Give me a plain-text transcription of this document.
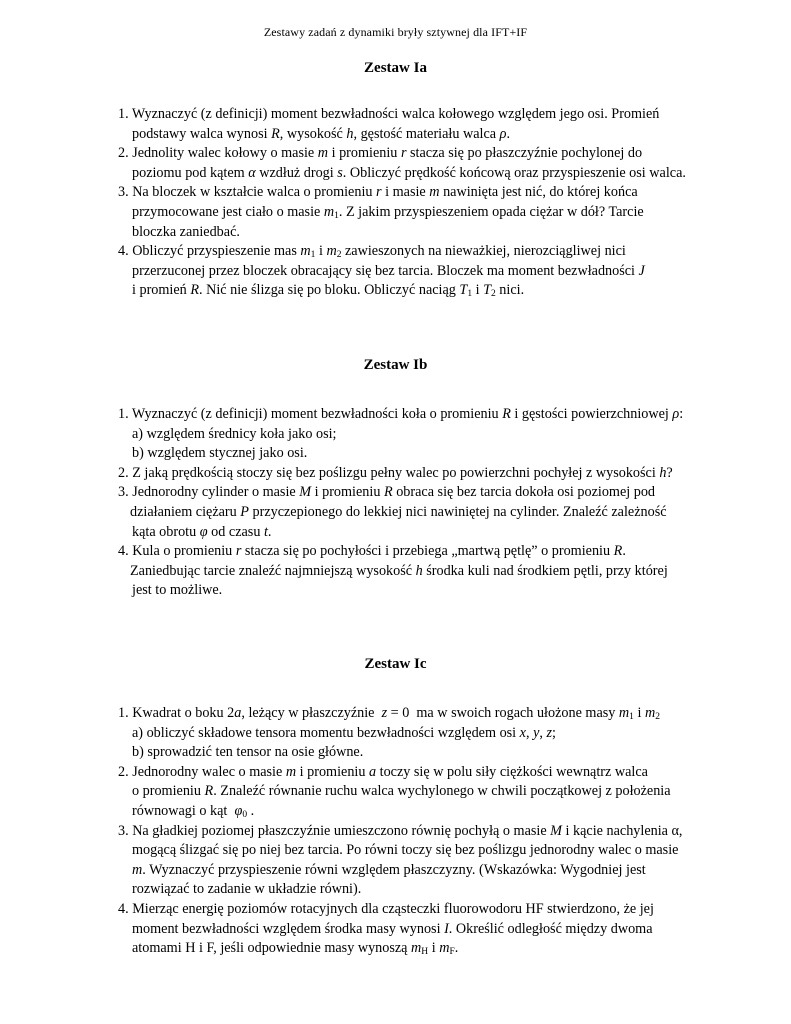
Zestawy zadań z dynamiki bryły sztywnej dla IFT+IF
Zestaw Ia
1. Wyznaczyć (z definicji) moment bezwładności walca kołowego względem jego osi. Promień
podstawy walca wynosi R, wysokość h, gęstość materiału walca ρ.
2. Jednolity walec kołowy o masie m i promieniu r stacza się po płaszczyźnie pochylonej do
poziomu pod kątem α wzdłuż drogi s. Obliczyć prędkość końcową oraz przyspieszenie osi walca.
3. Na bloczek w kształcie walca o promieniu r i masie m nawinięta jest nić, do której końca
przymocowane jest ciało o masie $m_1$. Z jakim przyspieszeniem opada ciężar w dół? Tarcie
bloczka zaniedbać.
4. Obliczyć przyspieszenie mas $m_1$ i $m_2$ zawieszonych na nieważkiej, nierozciągliwej nici
przerzuconej przez bloczek obracający się bez tarcia. Bloczek ma moment bezwładności J
i promień R. Nić nie ślizga się po bloku. Obliczyć naciąg $T_1$ i $T_2$ nici.
Zestaw Ib
1. Wyznaczyć (z definicji) moment bezwładności koła o promieniu R i gęstości powierzchniowej ρ:
a) względem średnicy koła jako osi;
b) względem stycznej jako osi.
2. Z jaką prędkością stoczy się bez poślizgu pełny walec po powierzchni pochyłej z wysokości h?
3. Jednorodny cylinder o masie M i promieniu R obraca się bez tarcia dokoła osi poziomej pod
działaniem ciężaru P przyczepionego do lekkiej nici nawiniętej na cylinder. Znaleźć zależność
kąta obrotu φ od czasu t.
4. Kula o promieniu r stacza się po pochyłości i przebiega „martwą pętlę” o promieniu R.
Zaniedbując tarcie znaleźć najmniejszą wysokość h środka kuli nad środkiem pętli, przy której
jest to możliwe.
Zestaw Ic
1. Kwadrat o boku 2a, leżący w płaszczyźnie  z = 0  ma w swoich rogach ułożone masy $m_1$ i $m_2$
a) obliczyć składowe tensora momentu bezwładności względem osi x, y, z;
b) sprowadzić ten tensor na osie główne.
2. Jednorodny walec o masie m i promieniu a toczy się w polu siły ciężkości wewnątrz walca
o promieniu R. Znaleźć równanie ruchu walca wychylonego w chwili początkowej z położenia
równowagi o kąt  $\varphi_0$ .
3. Na gładkiej poziomej płaszczyźnie umieszczono równię pochyłą o masie M i kącie nachylenia α,
mogącą ślizgać się po niej bez tarcia. Po równi toczy się bez poślizgu jednorodny walec o masie
m. Wyznaczyć przyspieszenie równi względem płaszczyzny. (Wskazówka: Wygodniej jest
rozwiązać to zadanie w układzie równi).
4. Mierząc energię poziomów rotacyjnych dla cząsteczki fluorowodoru HF stwierdzono, że jej
moment bezwładności względem środka masy wynosi I. Określić odległość między dwoma
atomami H i F, jeśli odpowiednie masy wynoszą $m_H$ i $m_F$.
